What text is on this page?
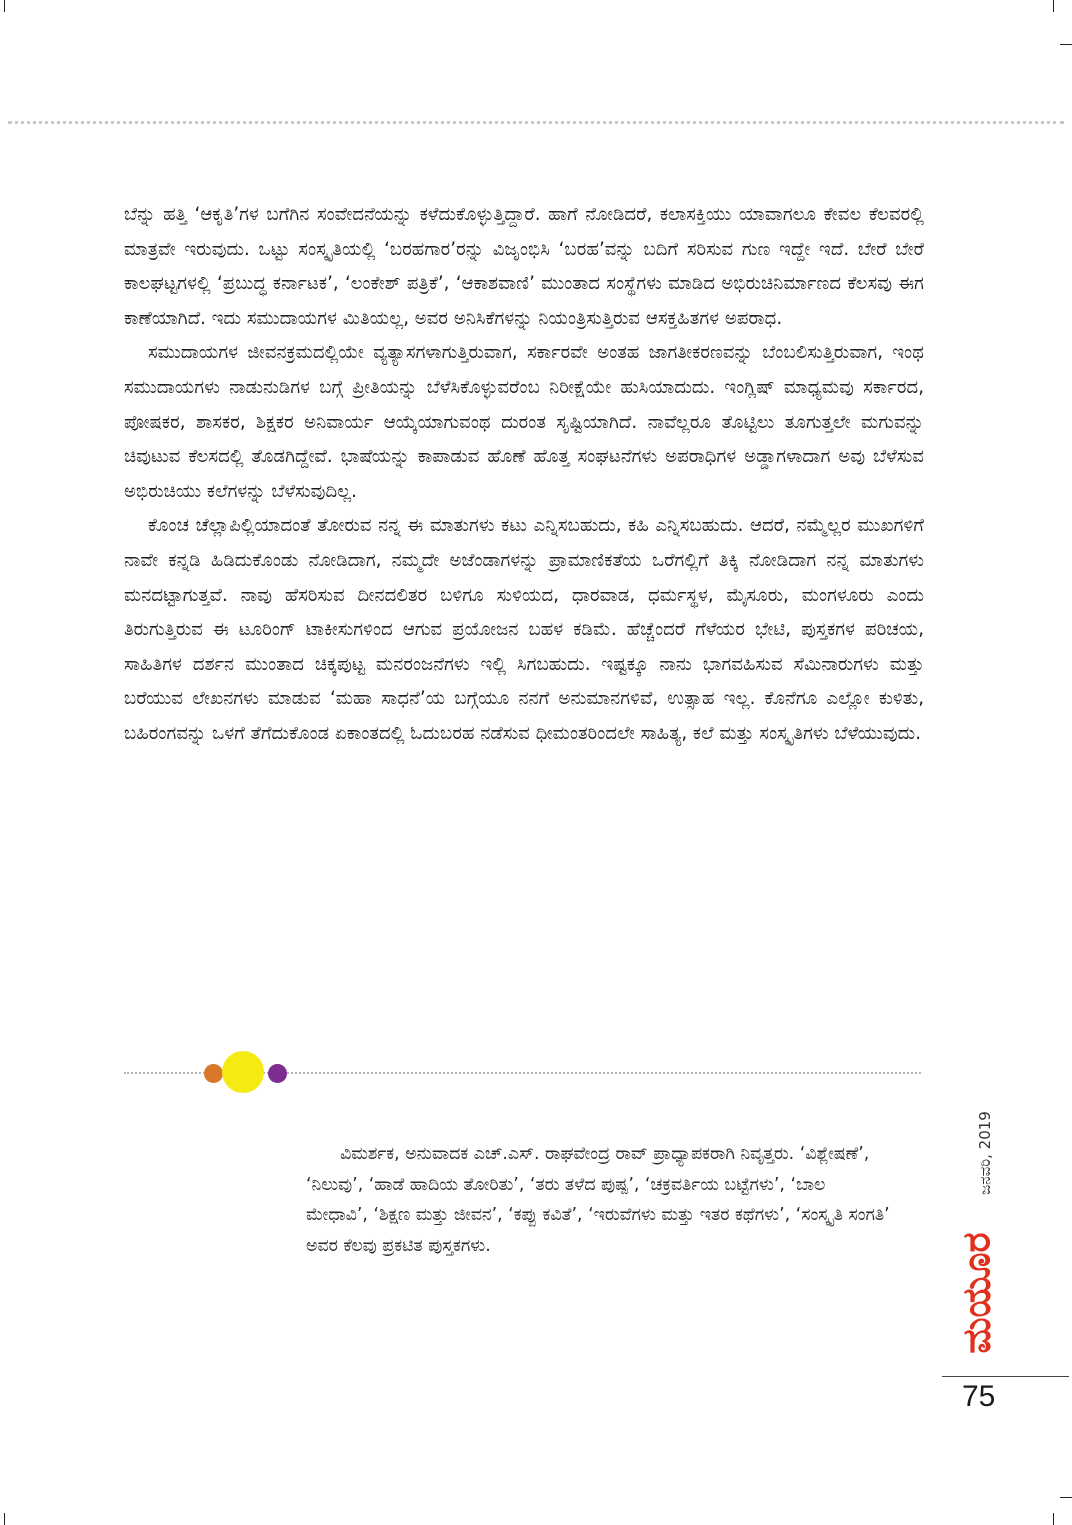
ಬೆನ್ನು ಹತ್ತಿ ‘ಆಕೃತಿ’ಗಳ ಬಗೆಗಿನ ಸಂವೇದನೆಯನ್ನು ಕಳೆದುಕೊಳ್ಳುತ್ತಿದ್ದಾರೆ. ಹಾಗೆ ನೋಡಿದರೆ, ಕಲಾಸಕ್ತಿಯು ಯಾವಾಗಲೂ ಕೇವಲ ಕೆಲವರಲ್ಲಿ ಮಾತ್ರವೇ ಇರುವುದು. ಒಟ್ಟು ಸಂಸ್ಕೃತಿಯಲ್ಲಿ ‘ಬರಹಗಾರ’ರನ್ನು ವಿಜೃಂಭಿಸಿ ‘ಬರಹ’ವನ್ನು ಬದಿಗೆ ಸರಿಸುವ ಗುಣ ಇದ್ದೇ ಇದೆ. ಬೇರೆ ಬೇರೆ ಕಾಲಘಟ್ಟಗಳಲ್ಲಿ ‘ಪ್ರಬುದ್ಧ ಕರ್ನಾಟಕ’, ‘ಲಂಕೇಶ್ ಪತ್ರಿಕೆ’, ‘ಆಕಾಶವಾಣಿ’ ಮುಂತಾದ ಸಂಸ್ಥೆಗಳು ಮಾಡಿದ ಅಭಿರುಚಿನಿರ್ಮಾಣದ ಕೆಲಸವು ಈಗ ಕಾಣೆಯಾಗಿದೆ. ಇದು ಸಮುದಾಯಗಳ ಮಿತಿಯಲ್ಲ, ಅವರ ಅನಿಸಿಕೆಗಳನ್ನು ನಿಯಂತ್ರಿಸುತ್ತಿರುವ ಆಸಕ್ತಹಿತಗಳ ಅಪರಾಧ.

ಸಮುದಾಯಗಳ ಜೀವನಕ್ರಮದಲ್ಲಿಯೇ ವ್ಯತ್ಯಾಸಗಳಾಗುತ್ತಿರುವಾಗ, ಸರ್ಕಾರವೇ ಅಂತಹ ಜಾಗತೀಕರಣವನ್ನು ಬೆಂಬಲಿಸುತ್ತಿರುವಾಗ, ಇಂಥ ಸಮುದಾಯಗಳು ನಾಡುನುಡಿಗಳ ಬಗ್ಗೆ ಪ್ರೀತಿಯನ್ನು ಬೆಳೆಸಿಕೊಳ್ಳುವರೆಂಬ ನಿರೀಕ್ಷೆಯೇ ಹುಸಿಯಾದುದು. ಇಂಗ್ಲಿಷ್ ಮಾಧ್ಯಮವು ಸರ್ಕಾರದ, ಪೋಷಕರ, ಶಾಸಕರ, ಶಿಕ್ಷಕರ ಅನಿವಾರ್ಯ ಆಯ್ಕೆಯಾಗುವಂಥ ದುರಂತ ಸೃಷ್ಟಿಯಾಗಿದೆ. ನಾವೆಲ್ಲರೂ ತೊಟ್ಟಿಲು ತೂಗುತ್ತಲೇ ಮಗುವನ್ನು ಚಿವುಟುವ ಕೆಲಸದಲ್ಲಿ ತೊಡಗಿದ್ದೇವೆ. ಭಾಷೆಯನ್ನು ಕಾಪಾಡುವ ಹೊಣೆ ಹೊತ್ತ ಸಂಘಟನೆಗಳು ಅಪರಾಧಿಗಳ ಅಡ್ಡಾಗಳಾದಾಗ ಅವು ಬೆಳೆಸುವ ಅಭಿರುಚಿಯು ಕಲೆಗಳನ್ನು ಬೆಳೆಸುವುದಿಲ್ಲ.

ಕೊಂಚ ಚೆಲ್ಲಾಪಿಲ್ಲಿಯಾದಂತೆ ತೋರುವ ನನ್ನ ಈ ಮಾತುಗಳು ಕಟು ಎನ್ನಿಸಬಹುದು, ಕಹಿ ಎನ್ನಿಸಬಹುದು. ಆದರೆ, ನಮ್ಮೆಲ್ಲರ ಮುಖಗಳಿಗೆ ನಾವೇ ಕನ್ನಡಿ ಹಿಡಿದುಕೊಂಡು ನೋಡಿದಾಗ, ನಮ್ಮದೇ ಅಜೆಂಡಾಗಳನ್ನು ಪ್ರಾಮಾಣಿಕತೆಯ ಒರೆಗಲ್ಲಿಗೆ ತಿಕ್ಕಿ ನೋಡಿದಾಗ ನನ್ನ ಮಾತುಗಳು ಮನದಟ್ಟಾಗುತ್ತವೆ. ನಾವು ಹೆಸರಿಸುವ ದೀನದಲಿತರ ಬಳಿಗೂ ಸುಳಿಯದ, ಧಾರವಾಡ, ಧರ್ಮಸ್ಥಳ, ಮೈಸೂರು, ಮಂಗಳೂರು ಎಂದು ತಿರುಗುತ್ತಿರುವ ಈ ಟೂರಿಂಗ್ ಟಾಕೀಸುಗಳಿಂದ ಆಗುವ ಪ್ರಯೋಜನ ಬಹಳ ಕಡಿಮೆ. ಹೆಚ್ಚೆಂದರೆ ಗೆಳೆಯರ ಭೇಟಿ, ಪುಸ್ತಕಗಳ ಪರಿಚಯ, ಸಾಹಿತಿಗಳ ದರ್ಶನ ಮುಂತಾದ ಚಿಕ್ಕಪುಟ್ಟ ಮನರಂಜನೆಗಳು ಇಲ್ಲಿ ಸಿಗಬಹುದು. ಇಷ್ಟಕ್ಕೂ ನಾನು ಭಾಗವಹಿಸುವ ಸೆಮಿನಾರುಗಳು ಮತ್ತು ಬರೆಯುವ ಲೇಖನಗಳು ಮಾಡುವ ‘ಮಹಾ ಸಾಧನೆ’ಯ ಬಗ್ಗೆಯೂ ನನಗೆ ಅನುಮಾನಗಳಿವೆ, ಉತ್ಸಾಹ ಇಲ್ಲ. ಕೊನೆಗೂ ಎಲ್ಲೋ ಕುಳಿತು, ಬಹಿರಂಗವನ್ನು ಒಳಗೆ ತೆಗೆದುಕೊಂಡ ಏಕಾಂತದಲ್ಲಿ ಓದುಬರಹ ನಡೆಸುವ ಧೀಮಂತರಿಂದಲೇ ಸಾಹಿತ್ಯ, ಕಲೆ ಮತ್ತು ಸಂಸ್ಕೃತಿಗಳು ಬೆಳೆಯುವುದು.

ವಿಮರ್ಶಕ, ಅನುವಾದಕ ಎಚ್.ಎಸ್. ರಾಘವೇಂದ್ರ ರಾವ್ ಪ್ರಾಧ್ಯಾಪಕರಾಗಿ ನಿವೃತ್ತರು. ‘ವಿಶ್ಲೇಷಣೆ’, ‘ನಿಲುವು’, ‘ಹಾಡೆ ಹಾದಿಯ ತೋರಿತು’, ‘ತರು ತಳೆದ ಪುಷ್ಪ’, ‘ಚಕ್ರವರ್ತಿಯ ಬಟ್ಟೆಗಳು’, ‘ಬಾಲ ಮೇಧಾವಿ’, ‘ಶಿಕ್ಷಣ ಮತ್ತು ಜೀವನ’, ‘ಕಪ್ಪು ಕವಿತೆ’, ‘ಇರುವೆಗಳು ಮತ್ತು ಇತರ ಕಥೆಗಳು’, ‘ಸಂಸ್ಕೃತಿ ಸಂಗತಿ’ ಅವರ ಕೆಲವು ಪ್ರಕಟಿತ ಪುಸ್ತಕಗಳು.

ಜನವರಿ, 2019
ಮಯೂರ
75
